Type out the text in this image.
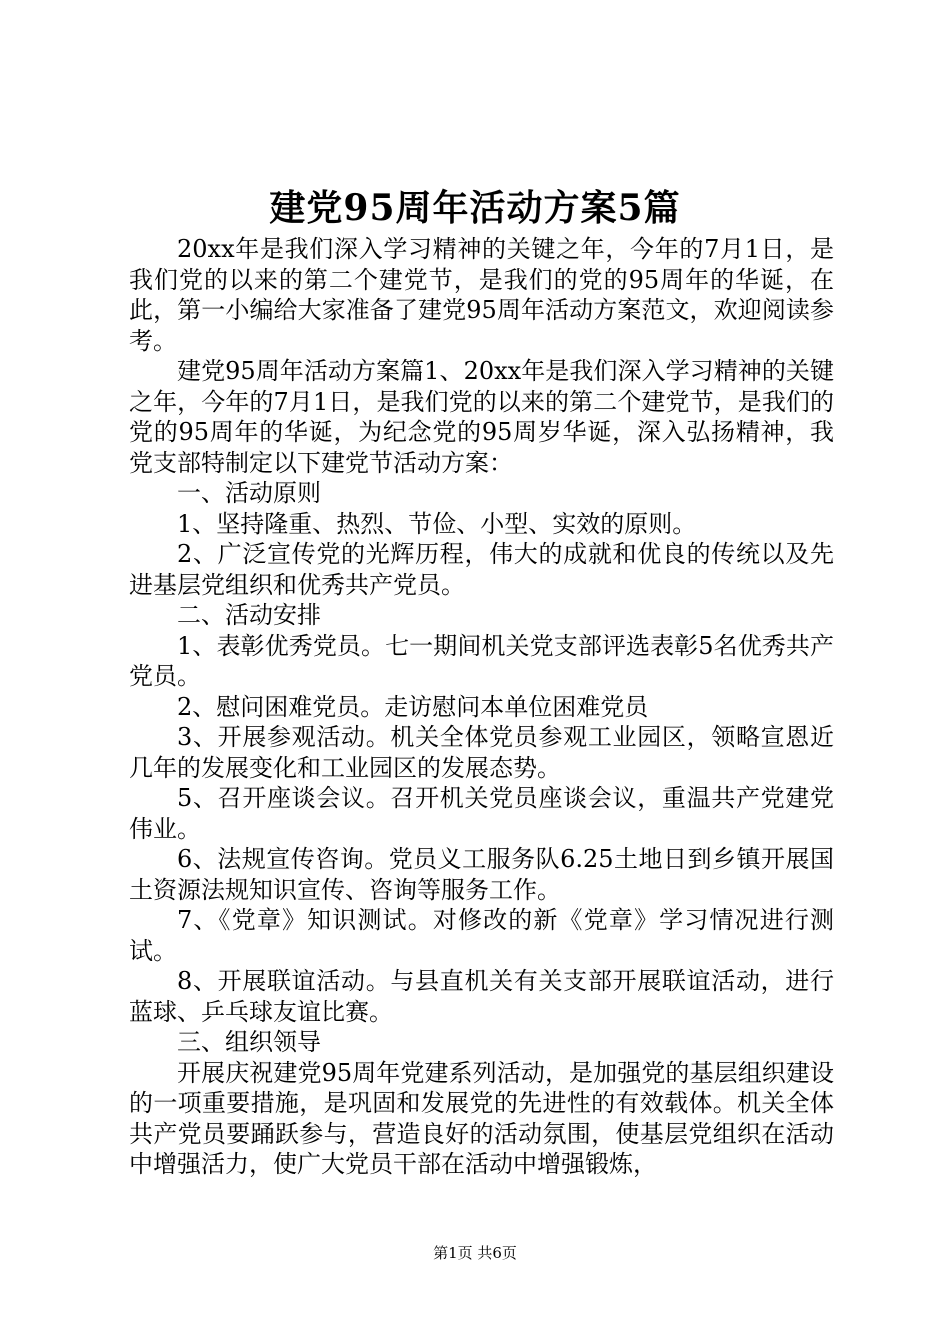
建党95周年活动方案5篇

20xx年是我们深入学习精神的关键之年，今年的7月1日，是我们党的以来的第二个建党节，是我们的党的95周年的华诞，在此，第一小编给大家准备了建党95周年活动方案范文，欢迎阅读参考。

建党95周年活动方案篇1、20xx年是我们深入学习精神的关键之年，今年的7月1日，是我们党的以来的第二个建党节，是我们的党的95周年的华诞，为纪念党的95周岁华诞，深入弘扬精神，我党支部特制定以下建党节活动方案：

一、活动原则

1、坚持隆重、热烈、节俭、小型、实效的原则。

2、广泛宣传党的光辉历程，伟大的成就和优良的传统以及先进基层党组织和优秀共产党员。

二、活动安排

1、表彰优秀党员。七一期间机关党支部评选表彰5名优秀共产党员。

2、慰问困难党员。走访慰问本单位困难党员

3、开展参观活动。机关全体党员参观工业园区，领略宣恩近几年的发展变化和工业园区的发展态势。

5、召开座谈会议。召开机关党员座谈会议，重温共产党建党伟业。

6、法规宣传咨询。党员义工服务队6.25土地日到乡镇开展国土资源法规知识宣传、咨询等服务工作。

7、《党章》知识测试。对修改的新《党章》学习情况进行测试。

8、开展联谊活动。与县直机关有关支部开展联谊活动，进行蓝球、乒乓球友谊比赛。

三、组织领导

开展庆祝建党95周年党建系列活动，是加强党的基层组织建设的一项重要措施，是巩固和发展党的先进性的有效载体。机关全体共产党员要踊跃参与，营造良好的活动氛围，使基层党组织在活动中增强活力，使广大党员干部在活动中增强锻炼，

第1页 共6页
